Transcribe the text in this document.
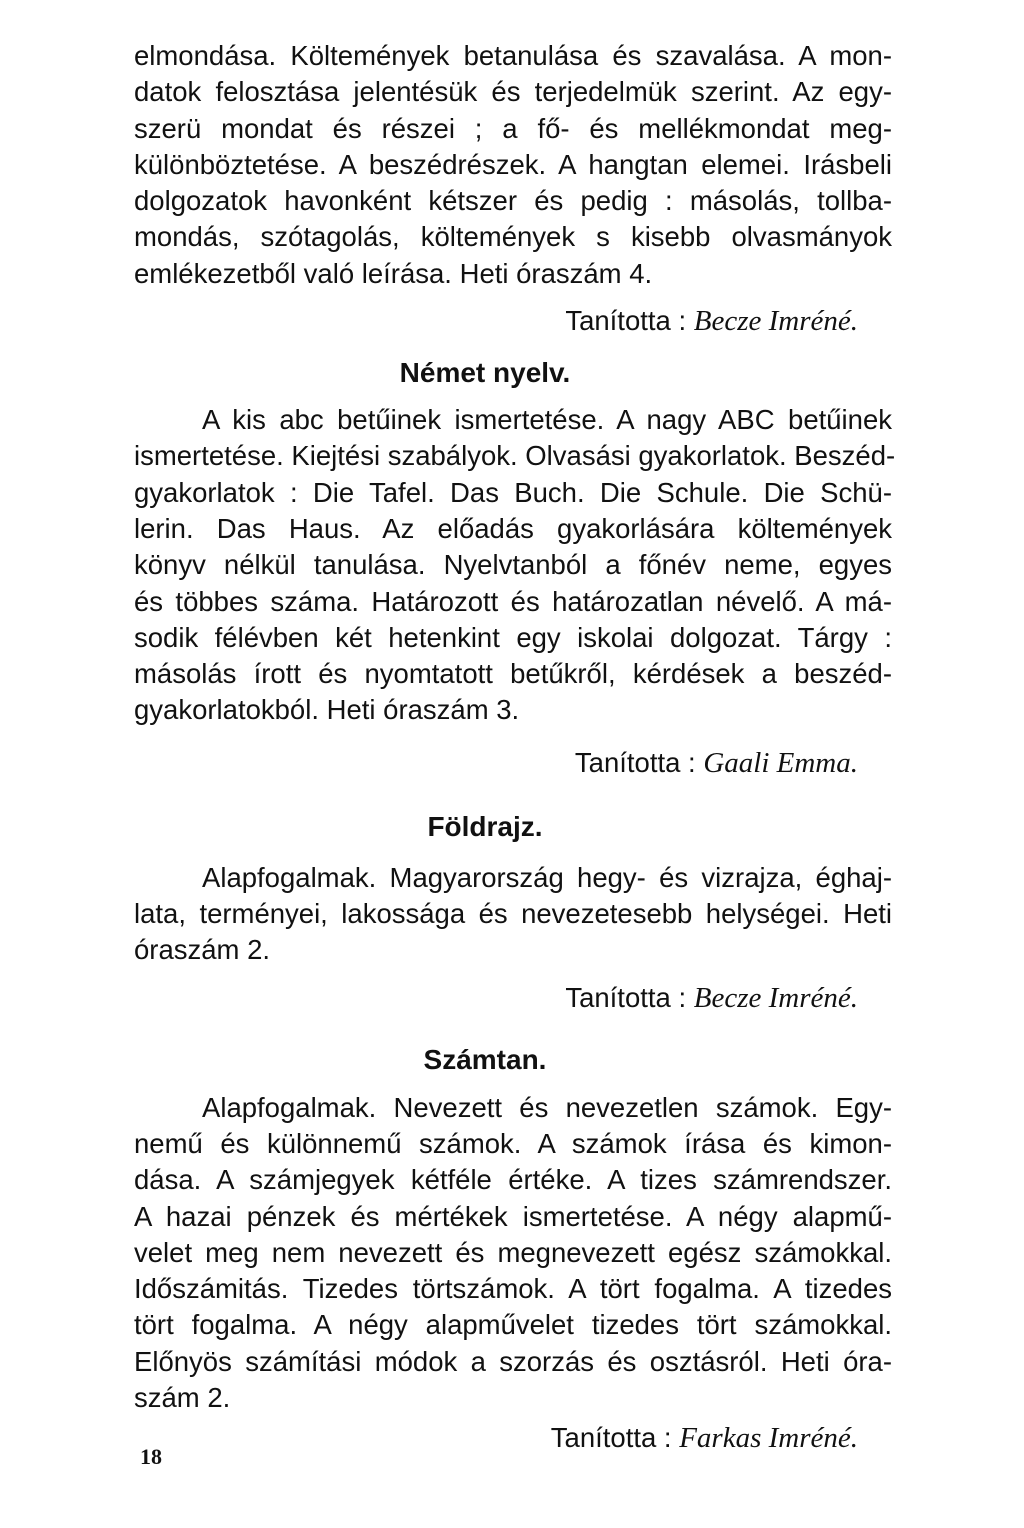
elmondása. Költemények betanulása és szavalása. A mon-
datok felosztása jelentésük és terjedelmük szerint. Az egy-
szerü mondat és részei ; a fő- és mellékmondat meg-
különböztetése. A beszédrészek. A hangtan elemei. Irásbeli
dolgozatok havonként kétszer és pedig : másolás, tollba-
mondás, szótagolás, költemények s kisebb olvasmányok
emlékezetből való leírása. Heti óraszám 4.
Tanította : Becze Imréné.
Német nyelv.
A kis abc betűinek ismertetése. A nagy ABC betűinek
ismertetése. Kiejtési szabályok. Olvasási gyakorlatok. Beszéd-
gyakorlatok : Die Tafel. Das Buch. Die Schule. Die Schü-
lerin. Das Haus. Az előadás gyakorlására költemények
könyv nélkül tanulása. Nyelvtanból a főnév neme, egyes
és többes száma. Határozott és határozatlan névelő. A má-
sodik félévben két hetenkint egy iskolai dolgozat. Tárgy :
másolás írott és nyomtatott betűkről, kérdések a beszéd-
gyakorlatokból. Heti óraszám 3.
Tanította : Gaali Emma.
Földrajz.
Alapfogalmak. Magyarország hegy- és vizrajza, éghaj-
lata, terményei, lakossága és nevezetesebb helységei. Heti
óraszám 2.
Tanította : Becze Imréné.
Számtan.
Alapfogalmak. Nevezett és nevezetlen számok. Egy-
nemű és különnemű számok. A számok írása és kimon-
dása. A számjegyek kétféle értéke. A tizes számrendszer.
A hazai pénzek és mértékek ismertetése. A négy alapmű-
velet meg nem nevezett és megnevezett egész számokkal.
Időszámitás. Tizedes törtszámok. A tört fogalma. A tizedes
tört fogalma. A négy alapművelet tizedes tört számokkal.
Előnyös számítási módok a szorzás és osztásról. Heti óra-
szám 2.
Tanította : Farkas Imréné.
18
